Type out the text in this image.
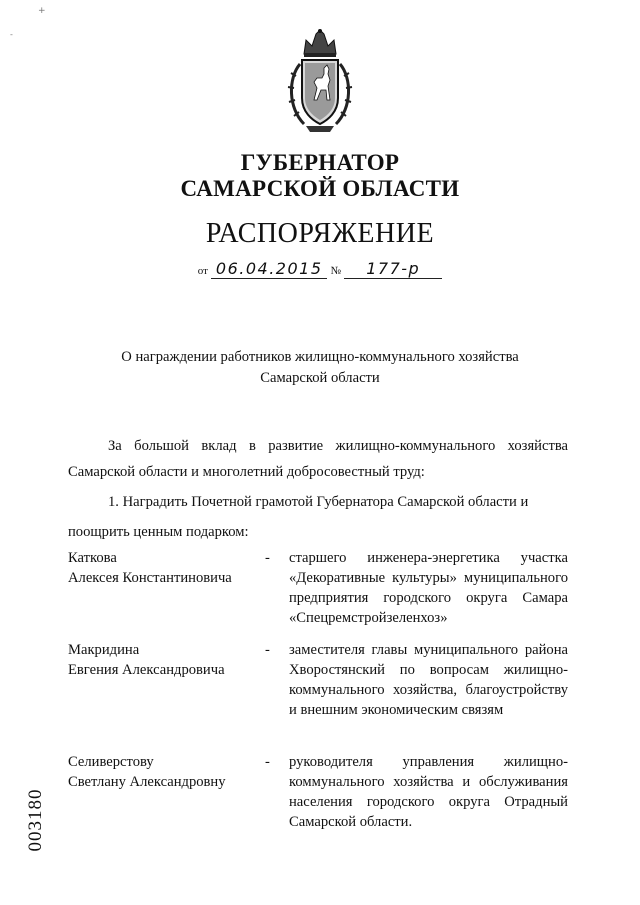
+
-
ГУБЕРНАТОР
САМАРСКОЙ ОБЛАСТИ
РАСПОРЯЖЕНИЕ
от 06.04.2015 № 177-р
О награждении работников жилищно-коммунального хозяйства
Самарской области
За большой вклад в развитие жилищно-коммунального хозяйства
Самарской области и многолетний добросовестный труд:
1. Наградить Почетной грамотой Губернатора Самарской области и
поощрить ценным подарком:
Каткова
Алексея Константиновича
- старшего инженера-энергетика участка «Декоративные культуры» муниципального предприятия городского округа Самара «Спецремстройзеленхоз»
Макридина
Евгения Александровича
- заместителя главы муниципального района Хворостянский по вопросам жилищно-коммунального хозяйства, благоустройству и внешним экономическим связям
Селиверстову
Светлану Александровну
- руководителя управления жилищно-коммунального хозяйства и обслуживания населения городского округа Отрадный Самарской области.
003180
